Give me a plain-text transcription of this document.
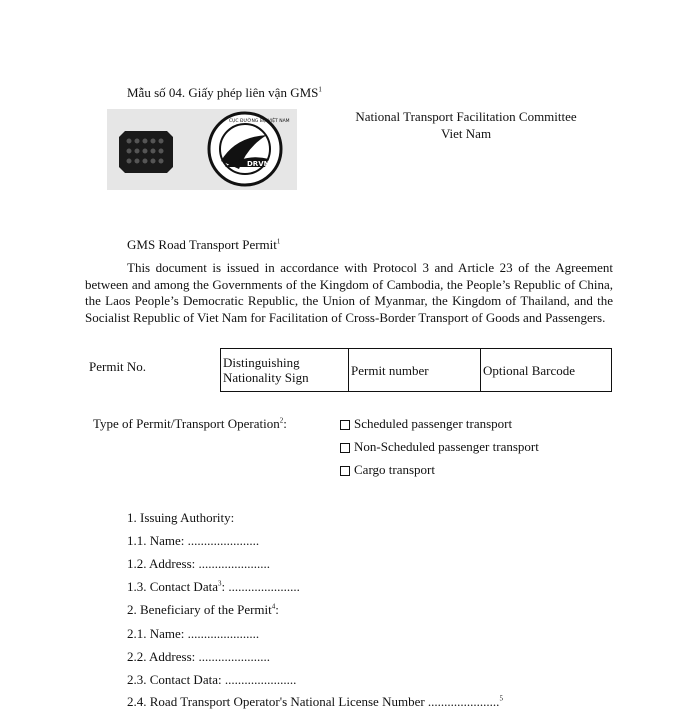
Mẫu số 04. Giấy phép liên vận GMS$^1$
DRVN
CỤC ĐƯỜNG BỘ VIỆT NAM	National Transport Facilitation Committee
Viet Nam
GMS Road Transport Permit$^1$
This document is issued in accordance with Protocol 3 and Article 23 of the Agreement between and among the Governments of the Kingdom of Cambodia, the People’s Republic of China, the Laos People’s Democratic Republic, the Union of Myanmar, the Kingdom of Thailand, and the Socialist Republic of Viet Nam for Facilitation of Cross-Border Transport of Goods and Passengers.
Permit No.	Distinguishing Nationality Sign	Permit number	Optional Barcode
Type of Permit/Transport Operation$^2$:	Scheduled passenger transport
Non-Scheduled passenger transport
Cargo transport
1. Issuing Authority:
1.1. Name: ......................
1.2. Address: ......................
1.3. Contact Data$^3$: ......................
2. Beneficiary of the Permit$^4$:
2.1. Name: ......................
2.2. Address: ......................
2.3. Contact Data: ......................
2.4. Road Transport Operator's National License Number ......................$^5$
